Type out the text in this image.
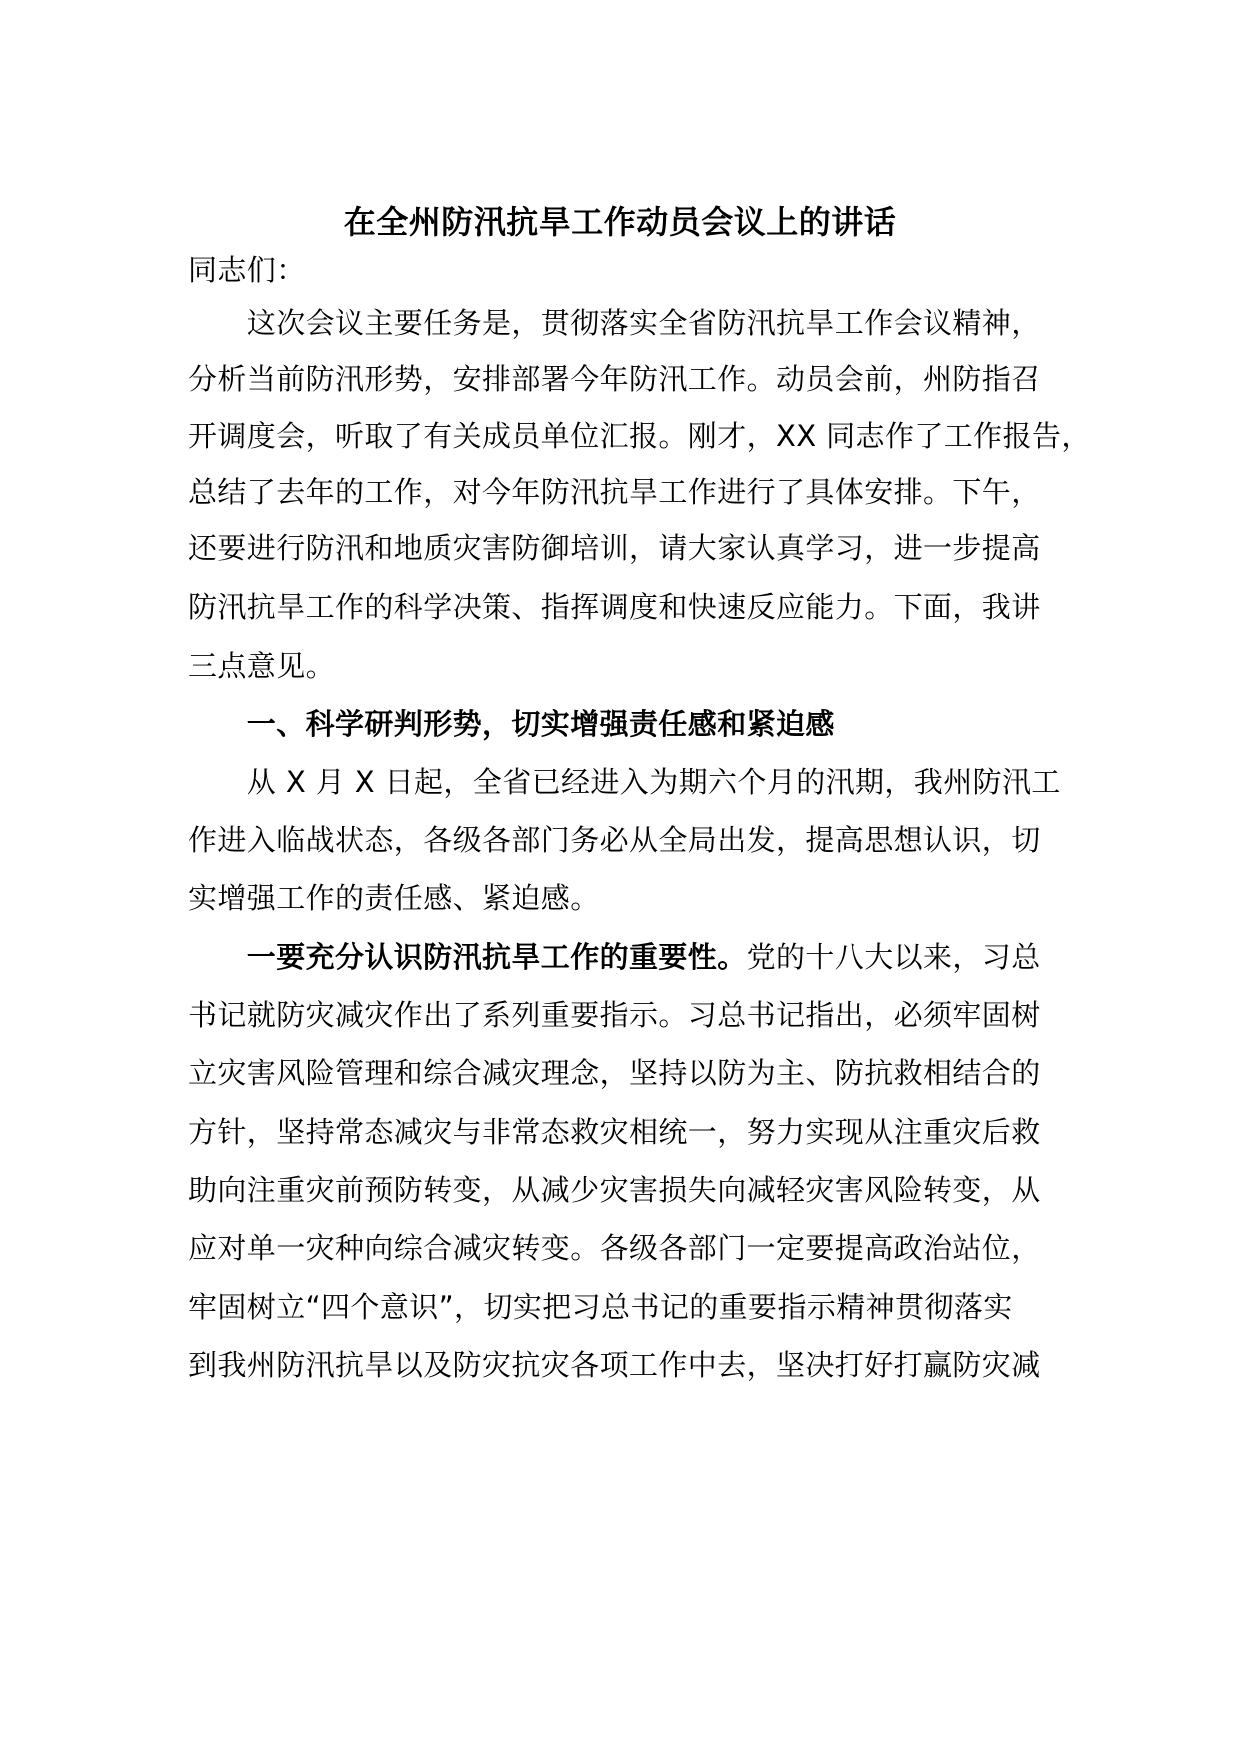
在全州防汛抗旱工作动员会议上的讲话
同志们：
　　这次会议主要任务是，贯彻落实全省防汛抗旱工作会议精神，
分析当前防汛形势，安排部署今年防汛工作。动员会前，州防指召
开调度会，听取了有关成员单位汇报。刚才，XX 同志作了工作报告，
总结了去年的工作，对今年防汛抗旱工作进行了具体安排。下午，
还要进行防汛和地质灾害防御培训，请大家认真学习，进一步提高
防汛抗旱工作的科学决策、指挥调度和快速反应能力。下面，我讲
三点意见。
　　一、科学研判形势，切实增强责任感和紧迫感
　　从 X 月 X 日起，全省已经进入为期六个月的汛期，我州防汛工
作进入临战状态，各级各部门务必从全局出发，提高思想认识，切
实增强工作的责任感、紧迫感。
　　一要充分认识防汛抗旱工作的重要性。党的十八大以来，习总
书记就防灾减灾作出了系列重要指示。习总书记指出，必须牢固树
立灾害风险管理和综合减灾理念，坚持以防为主、防抗救相结合的
方针，坚持常态减灾与非常态救灾相统一，努力实现从注重灾后救
助向注重灾前预防转变，从减少灾害损失向减轻灾害风险转变，从
应对单一灾种向综合减灾转变。各级各部门一定要提高政治站位，
牢固树立“四个意识”，切实把习总书记的重要指示精神贯彻落实
到我州防汛抗旱以及防灾抗灾各项工作中去，坚决打好打赢防灾减
